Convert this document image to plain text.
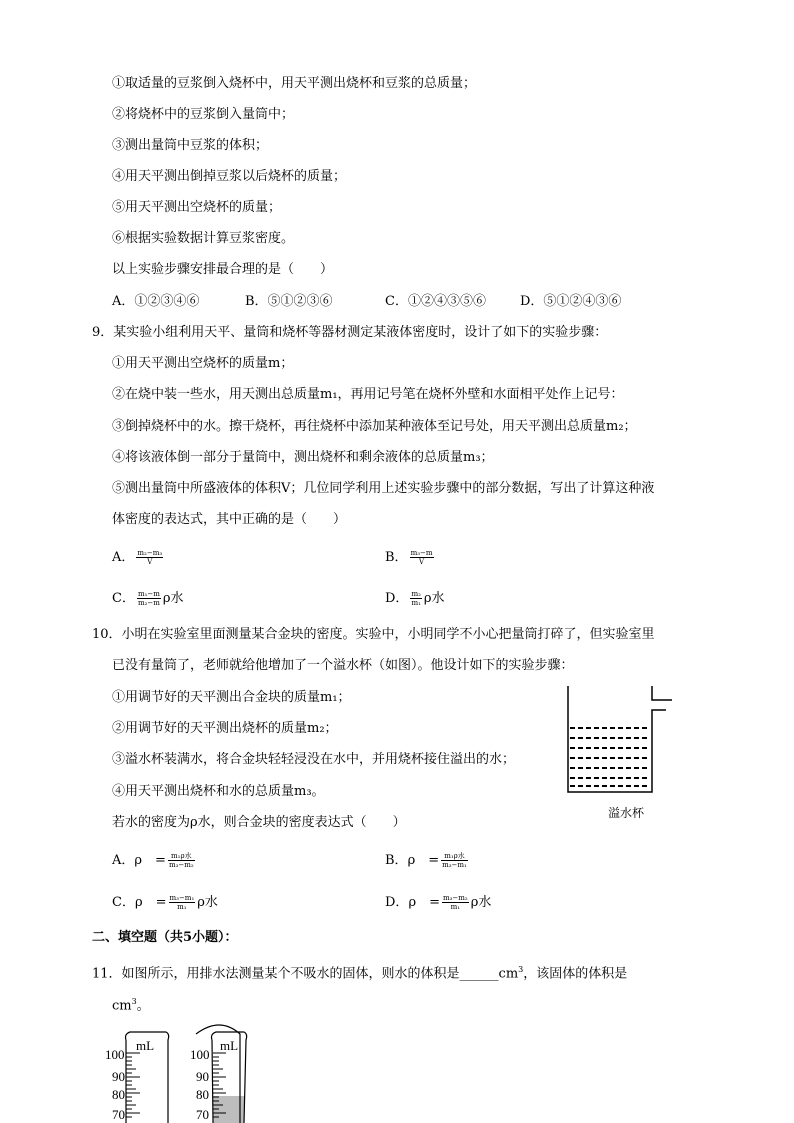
①取适量的豆浆倒入烧杯中，用天平测出烧杯和豆浆的总质量；
②将烧杯中的豆浆倒入量筒中；
③测出量筒中豆浆的体积；
④用天平测出倒掉豆浆以后烧杯的质量；
⑤用天平测出空烧杯的质量；
⑥根据实验数据计算豆浆密度。
以上实验步骤安排最合理的是（　　）
A．①②③④⑥	B．⑤①②③⑥	C．①②④③⑤⑥	D．⑤①②④③⑥
9．某实验小组利用天平、量筒和烧杯等器材测定某液体密度时，设计了如下的实验步骤：
①用天平测出空烧杯的质量m；
②在烧中装一些水，用天测出总质量m₁，再用记号笔在烧杯外壁和水面相平处作上记号：
③倒掉烧杯中的水。擦干烧杯，再往烧杯中添加某种液体至记号处，用天平测出总质量m₂；
④将该液体倒一部分于量筒中，测出烧杯和剩余液体的总质量m₃；
⑤测出量筒中所盛液体的体积V；几位同学利用上述实验步骤中的部分数据，写出了计算这种液
体密度的表达式，其中正确的是（　　）
A． $\frac{\text{m₂−m₃}}{V}$	B． $\frac{\text{m₃−m}}{V}$
C． $\frac{\text{m₁−m}}{\text{m₂−m}}$ ρ水	D． $\frac{\text{m₂}}{\text{m₁}}$ ρ水
10．小明在实验室里面测量某合金块的密度。实验中，小明同学不小心把量筒打碎了，但实验室里
已没有量筒了，老师就给他增加了一个溢水杯（如图）。他设计如下的实验步骤：
①用调节好的天平测出合金块的质量m₁；
②用调节好的天平测出烧杯的质量m₂；
③溢水杯装满水，将合金块轻轻浸没在水中，并用烧杯接住溢出的水；
④用天平测出烧杯和水的总质量m₃。
若水的密度为ρ水，则合金块的密度表达式（　　）
溢水杯
A．ρ　= $\frac{\text{m₁ρ水}}{\text{m₃−m₂}}$	B．ρ　= $\frac{\text{m₁ρ水}}{\text{m₃−m₁}}$
C．ρ　= $\frac{\text{m₃−m₁}}{\text{m₁}}$ ρ水	D．ρ　= $\frac{\text{m₃−m₂}}{\text{m₁}}$ ρ水
二、填空题（共5小题）：
11．如图所示，用排水法测量某个不吸水的固体，则水的体积是$\_\_\_\_\_\_cm^3$，该固体的体积是
$cm^3$。
mL
100
90
80
70
mL
100
90
80
70
